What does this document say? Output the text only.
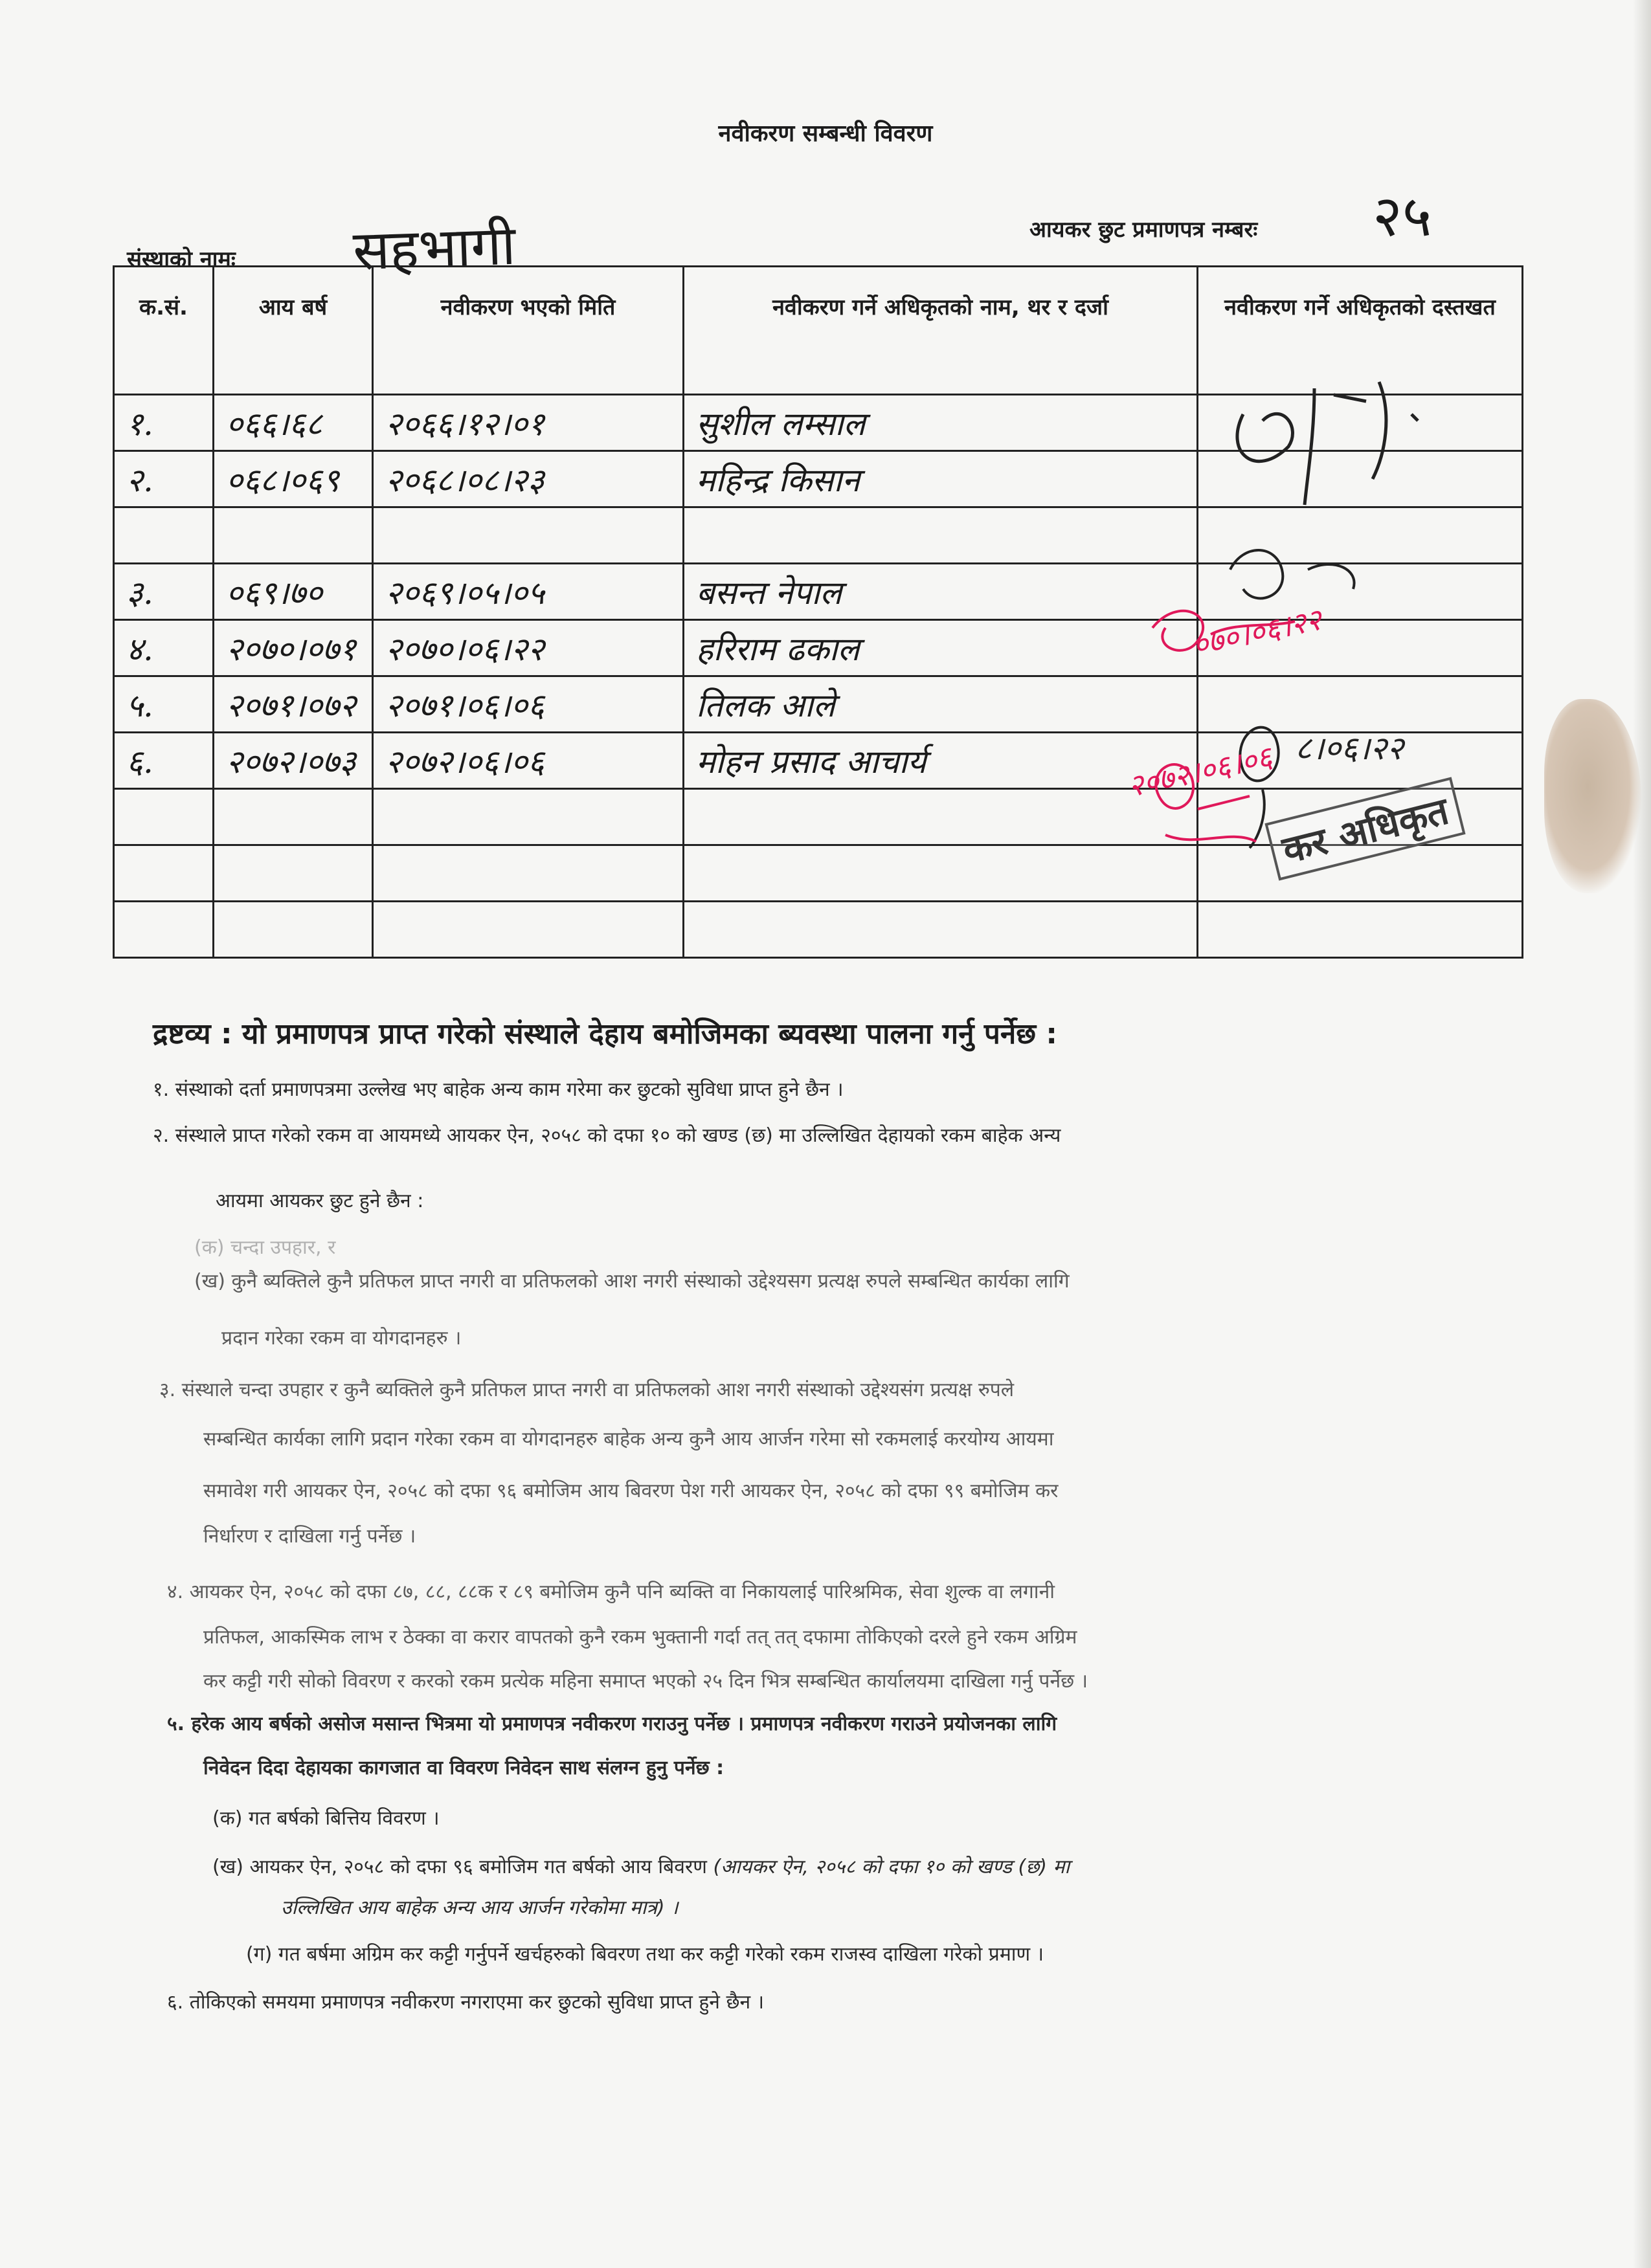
नवीकरण सम्बन्धी विवरण
संस्थाको नामः सहभागी	आयकर छुट प्रमाणपत्र नम्बरः २५
क.सं.	आय बर्ष	नवीकरण भएको मिति	नवीकरण गर्ने अधिकृतको नाम, थर र दर्जा	नवीकरण गर्ने अधिकृतको दस्तखत
१.	०६६।६८	२०६६।१२।०१	सुशील लम्साल	
२.	०६८।०६९	२०६८।०८।२३	महिन्द्र किसान	

३.	०६९।७०	२०६९।०५।०५	बसन्त नेपाल	
४.	२०७०।०७१	२०७०।०६।२२	हरिराम ढकाल	
५.	२०७१।०७२	२०७१।०६।०६	तिलक आले	
६.	२०७२।०७३	२०७२।०६।०६	मोहन प्रसाद आचार्य	

०७०।०६।२२
२०७२।०६।०६ ८।०६।२२
कर अधिकृत
द्रष्टव्य : यो प्रमाणपत्र प्राप्त गरेको संस्थाले देहाय बमोजिमका ब्यवस्था पालना गर्नु पर्नेछ :
१. संस्थाको दर्ता प्रमाणपत्रमा उल्लेख भए बाहेक अन्य काम गरेमा कर छुटको सुविधा प्राप्त हुने छैन ।
२. संस्थाले प्राप्त गरेको रकम वा आयमध्ये आयकर ऐन, २०५८ को दफा १० को खण्ड (छ) मा उल्लिखित देहायको रकम बाहेक अन्य
आयमा आयकर छुट हुने छैन :
(क) चन्दा उपहार, र
(ख) कुनै ब्यक्तिले कुनै प्रतिफल प्राप्त नगरी वा प्रतिफलको आश नगरी संस्थाको उद्देश्यसग प्रत्यक्ष रुपले सम्बन्धित कार्यका लागि
प्रदान गरेका रकम वा योगदानहरु ।
३. संस्थाले चन्दा उपहार र कुनै ब्यक्तिले कुनै प्रतिफल प्राप्त नगरी वा प्रतिफलको आश नगरी संस्थाको उद्देश्यसंग प्रत्यक्ष रुपले
सम्बन्धित कार्यका लागि प्रदान गरेका रकम वा योगदानहरु बाहेक अन्य कुनै आय आर्जन गरेमा सो रकमलाई करयोग्य आयमा
समावेश गरी आयकर ऐन, २०५८ को दफा ९६ बमोजिम आय बिवरण पेश गरी आयकर ऐन, २०५८ को दफा ९९ बमोजिम कर
निर्धारण र दाखिला गर्नु पर्नेछ ।
४. आयकर ऐन, २०५८ को दफा ८७, ८८, ८८क र ८९ बमोजिम कुनै पनि ब्यक्ति वा निकायलाई पारिश्रमिक, सेवा शुल्क वा लगानी
प्रतिफल, आकस्मिक लाभ र ठेक्का वा करार वापतको कुनै रकम भुक्तानी गर्दा तत् तत् दफामा तोकिएको दरले हुने रकम अग्रिम
कर कट्टी गरी सोको विवरण र करको रकम प्रत्येक महिना समाप्त भएको २५ दिन भित्र सम्बन्धित कार्यालयमा दाखिला गर्नु पर्नेछ ।
५. हरेक आय बर्षको असोज मसान्त भित्रमा यो प्रमाणपत्र नवीकरण गराउनु पर्नेछ । प्रमाणपत्र नवीकरण गराउने प्रयोजनका लागि
निवेदन दिदा देहायका कागजात वा विवरण निवेदन साथ संलग्न हुनु पर्नेछ :
(क) गत बर्षको बित्तिय विवरण ।
(ख) आयकर ऐन, २०५८ को दफा ९६ बमोजिम गत बर्षको आय बिवरण (आयकर ऐन, २०५८ को दफा १० को खण्ड (छ) मा
उल्लिखित आय बाहेक अन्य आय आर्जन गरेकोमा मात्र) ।
(ग) गत बर्षमा अग्रिम कर कट्टी गर्नुपर्ने खर्चहरुको बिवरण तथा कर कट्टी गरेको रकम राजस्व दाखिला गरेको प्रमाण ।
६. तोकिएको समयमा प्रमाणपत्र नवीकरण नगराएमा कर छुटको सुविधा प्राप्त हुने छैन ।
